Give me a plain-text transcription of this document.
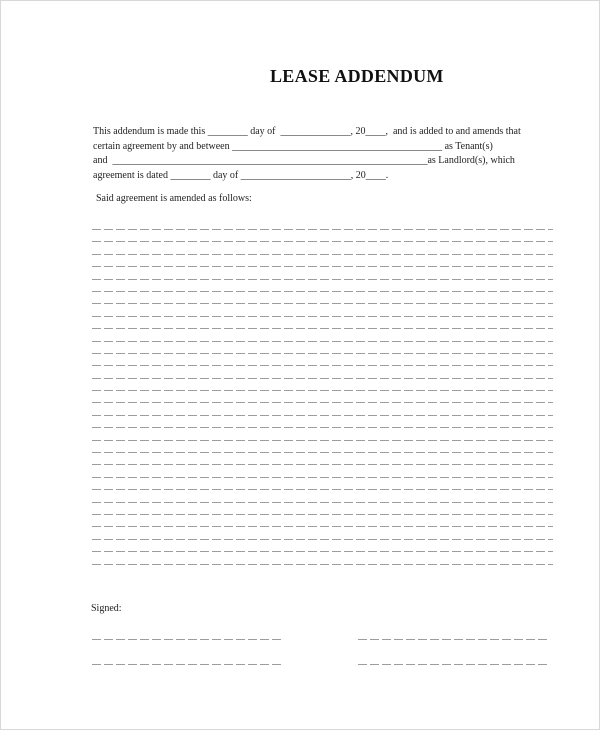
LEASE ADDENDUM
This addendum is made this ________ day of  ______________, 20____,  and is added to and amends that
certain agreement by and between __________________________________________ as Tenant(s)
and  _______________________________________________________________as Landlord(s), which
agreement is dated ________ day of ______________________, 20____.
Said agreement is amended as follows:
Signed:
